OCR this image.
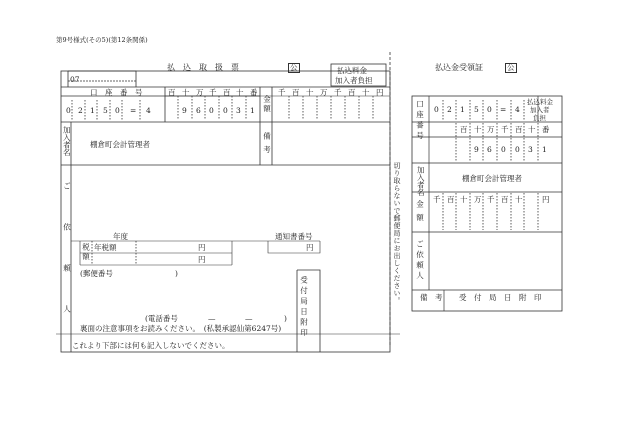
第9号様式(その5)(第12条関係)
07
払　込　取　扱　票	公	払込料金
加入者負担
口　座　番　号
0 2 1 5 0 = 4
百 十 万 千 百 十 番
9 6 0 0 3 1 金額
千 百 十 万 千 百 十 円
加入者名	棚倉町会計管理者	備考
ご　依　頼　人	年度	通知書番号
税額 年税額	円	円
円
(郵便番号	)
(電話番号	—	—	) 受付局日附印
裏面の注意事項をお読みください。　(私製承認仙第6247号)
切り取らないで郵便局にお出しください。
これより下部には何も記入しないでください。
払込金受領証	公
口座番号 0 2 1 5 0 = 4
払込料金
加入者
負担
百 十 万 千 百 十 番
9 6 0 0 3 1
加入者名	棚倉町会計管理者
金額
千 百 十 万 千 百 十	円
ご依頼人
備　考 受　付　局　日　附　印
